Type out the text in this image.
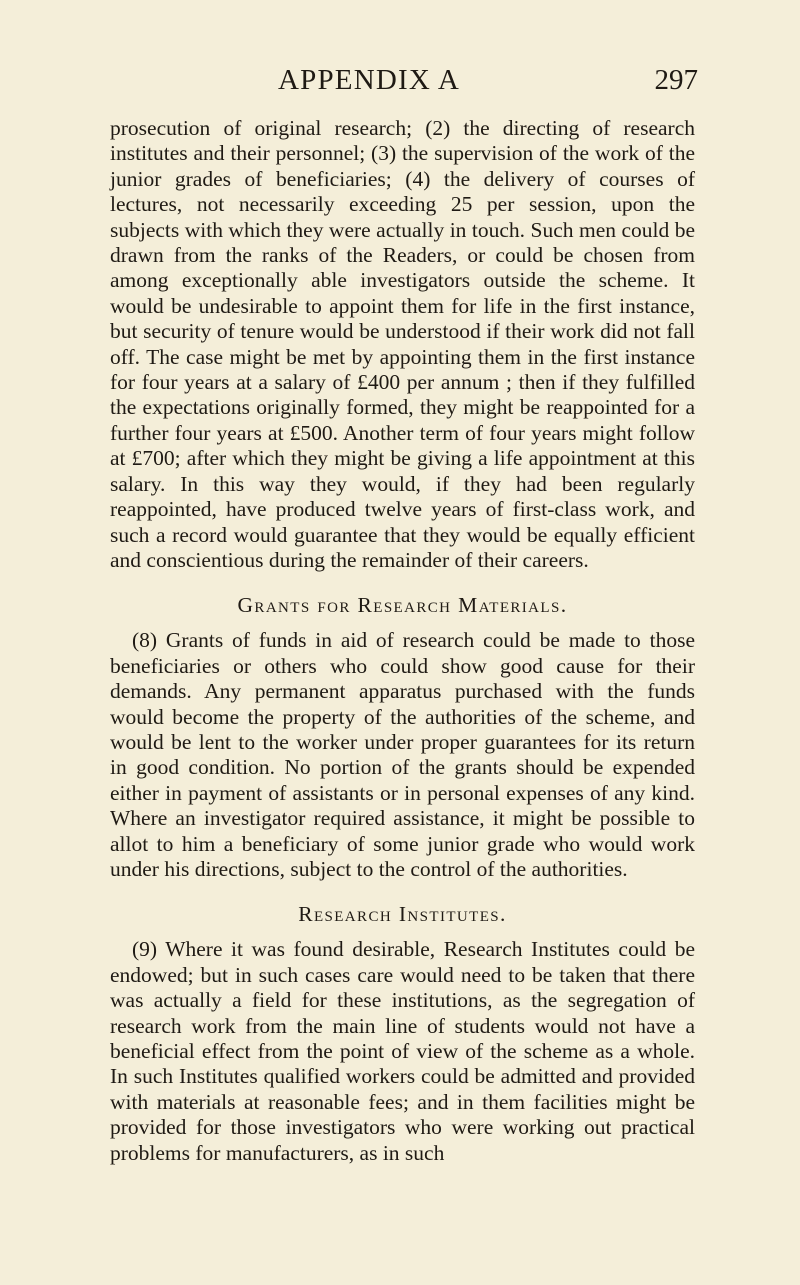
APPENDIX A	297

prosecution of original research; (2) the directing of research institutes and their personnel; (3) the supervision of the work of the junior grades of beneficiaries; (4) the delivery of courses of lectures, not necessarily exceeding 25 per session, upon the subjects with which they were actually in touch. Such men could be drawn from the ranks of the Readers, or could be chosen from among exceptionally able investigators outside the scheme. It would be undesirable to appoint them for life in the first instance, but security of tenure would be understood if their work did not fall off. The case might be met by appointing them in the first instance for four years at a salary of £400 per annum ; then if they fulfilled the expectations originally formed, they might be reappointed for a further four years at £500. Another term of four years might follow at £700; after which they might be giving a life appointment at this salary. In this way they would, if they had been regularly reappointed, have produced twelve years of first-class work, and such a record would guarantee that they would be equally efficient and conscientious during the remainder of their careers.

Grants for Research Materials.

(8) Grants of funds in aid of research could be made to those beneficiaries or others who could show good cause for their demands. Any permanent apparatus purchased with the funds would become the property of the authorities of the scheme, and would be lent to the worker under proper guarantees for its return in good condition. No portion of the grants should be expended either in payment of assistants or in personal expenses of any kind. Where an investigator required assistance, it might be possible to allot to him a beneficiary of some junior grade who would work under his directions, subject to the control of the authorities.

Research Institutes.

(9) Where it was found desirable, Research Institutes could be endowed; but in such cases care would need to be taken that there was actually a field for these institutions, as the segregation of research work from the main line of students would not have a beneficial effect from the point of view of the scheme as a whole. In such Institutes qualified workers could be admitted and provided with materials at reasonable fees; and in them facilities might be provided for those investigators who were working out practical problems for manufacturers, as in such
